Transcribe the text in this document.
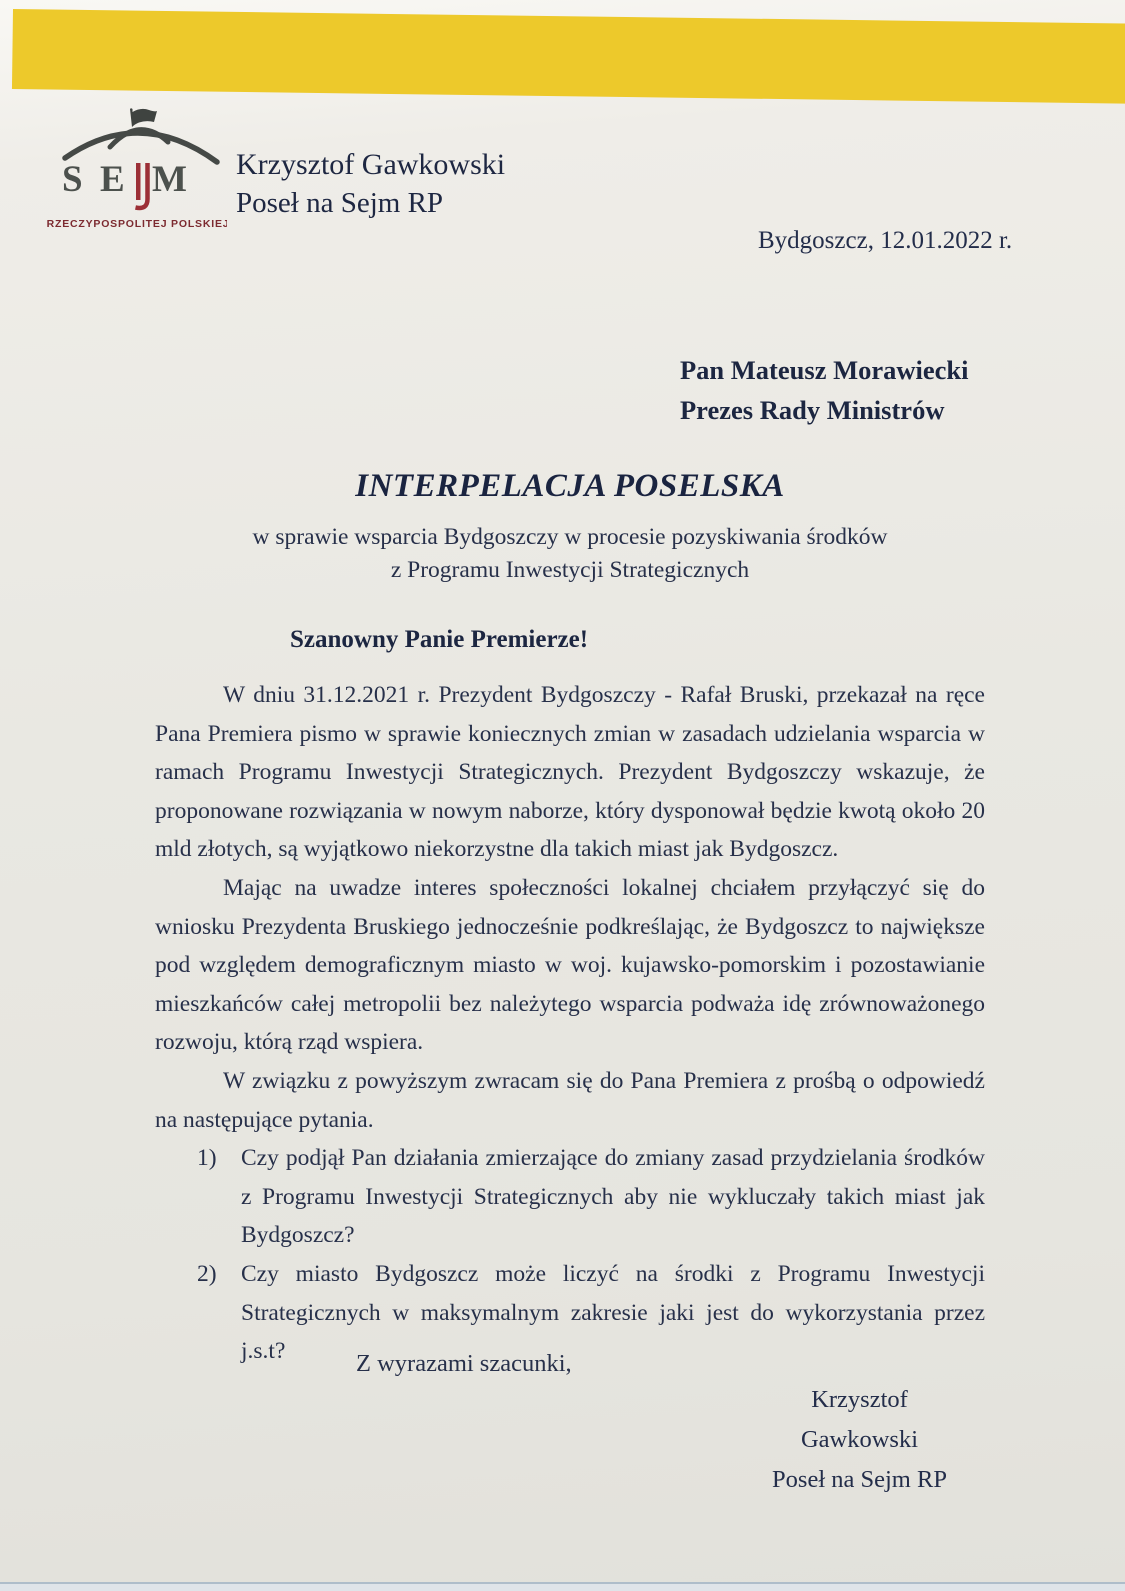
S E M
RZECZYPOSPOLITEJ POLSKIEJ
Krzysztof Gawkowski
Poseł na Sejm RP
Bydgoszcz, 12.01.2022 r.
Pan Mateusz Morawiecki
Prezes Rady Ministrów
INTERPELACJA POSELSKA
w sprawie wsparcia Bydgoszczy w procesie pozyskiwania środków
z Programu Inwestycji Strategicznych
Szanowny Panie Premierze!

W dniu 31.12.2021 r. Prezydent Bydgoszczy - Rafał Bruski, przekazał na ręce Pana Premiera pismo w sprawie koniecznych zmian w zasadach udzielania wsparcia w ramach Programu Inwestycji Strategicznych. Prezydent Bydgoszczy wskazuje, że proponowane rozwiązania w nowym naborze, który dysponował będzie kwotą około 20 mld złotych, są wyjątkowo niekorzystne dla takich miast jak Bydgoszcz.

Mając na uwadze interes społeczności lokalnej chciałem przyłączyć się do wniosku Prezydenta Bruskiego jednocześnie podkreślając, że Bydgoszcz to największe pod względem demograficznym miasto w woj. kujawsko-pomorskim i pozostawianie mieszkańców całej metropolii bez należytego wsparcia podważa idę zrównoważonego rozwoju, którą rząd wspiera.

W związku z powyższym zwracam się do Pana Premiera z prośbą o odpowiedź na następujące pytania.

1)	Czy podjął Pan działania zmierzające do zmiany zasad przydzielania środków z Programu Inwestycji Strategicznych aby nie wykluczały takich miast jak Bydgoszcz?
2)	Czy miasto Bydgoszcz może liczyć na środki z Programu Inwestycji Strategicznych w maksymalnym zakresie jaki jest do wykorzystania przez j.s.t?	Z wyrazami szacunki,
Krzysztof Gawkowski
Poseł na Sejm RP
